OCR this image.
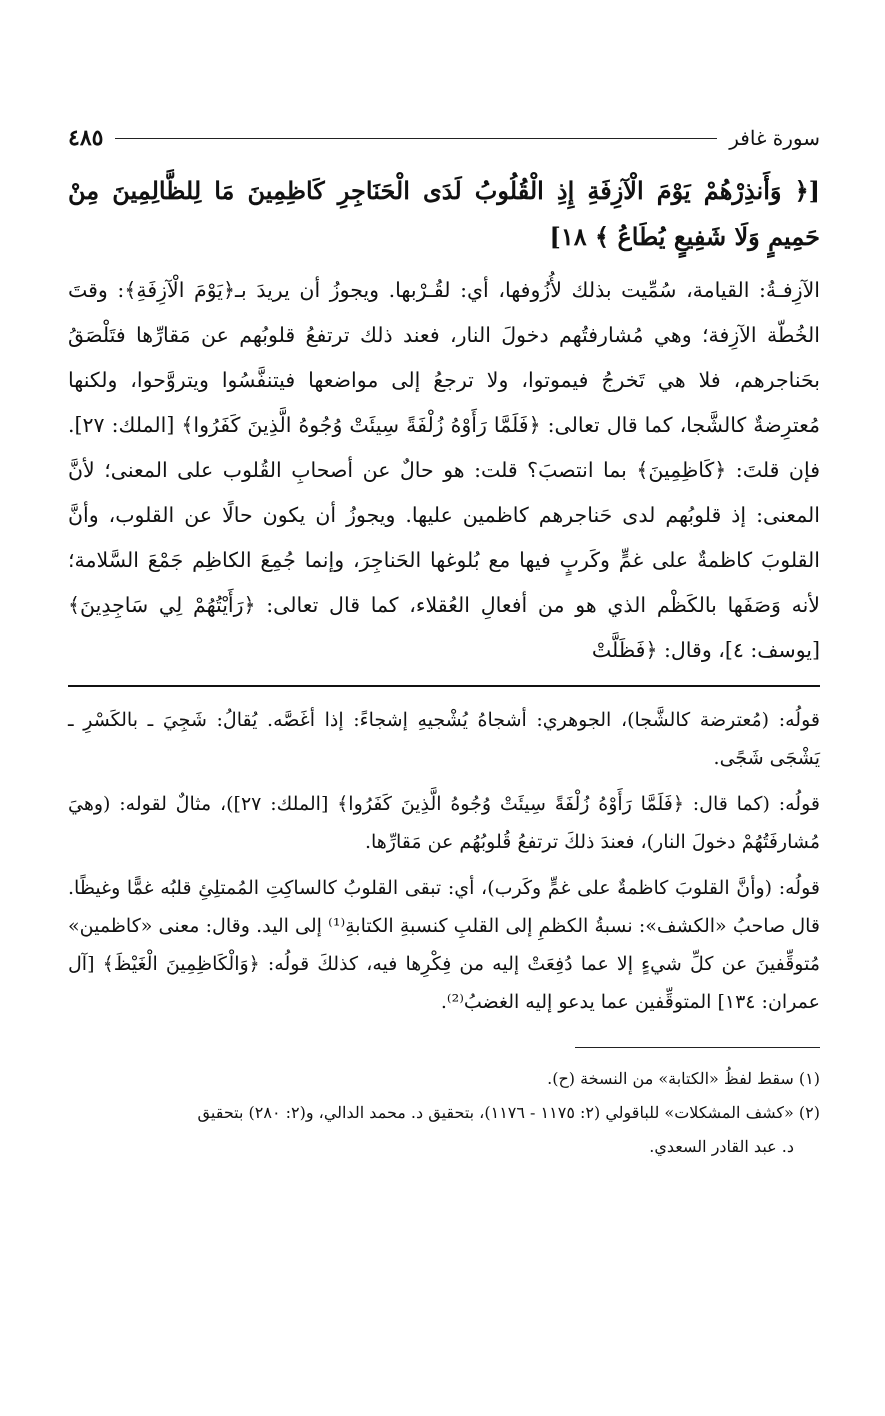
سورة غافر
٤٨٥
[﴿ وَأَنذِرْهُمْ يَوْمَ الْآزِفَةِ إِذِ الْقُلُوبُ لَدَى الْحَنَاجِرِ كَاظِمِينَ مَا لِلظَّالِمِينَ مِنْ حَمِيمٍ وَلَا شَفِيعٍ يُطَاعُ ﴾ ١٨]
الآزِفـةُ: القيامة، سُمِّيت بذلك لأُزُوفها، أي: لقُـرْبها. ويجوزُ أن يريدَ بـ﴿يَوْمَ الْآزِفَةِ﴾: وقتَ الخُطّة الآزِفة؛ وهي مُشارفتُهم دخولَ النار، فعند ذلك ترتفعُ قلوبُهم عن مَقارِّها فتَلْصَقُ بحَناجرهم، فلا هي تَخرجُ فيموتوا، ولا ترجعُ إلى مواضعها فيتنفَّسُوا ويتروَّحوا، ولكنها مُعترِضةٌ كالشَّجا، كما قال تعالى: ﴿فَلَمَّا رَأَوْهُ زُلْفَةً سِيئَتْ وُجُوهُ الَّذِينَ كَفَرُوا﴾ [الملك: ٢٧]. فإن قلتَ: ﴿كَاظِمِينَ﴾ بما انتصبَ؟ قلت: هو حالٌ عن أصحابِ القُلوب على المعنى؛ لأنَّ المعنى: إذ قلوبُهم لدى حَناجرهم كاظمين عليها. ويجوزُ أن يكون حالًا عن القلوب، وأنَّ القلوبَ كاظمةٌ على غمٍّ وكَربٍ فيها مع بُلوغها الحَناجِرَ، وإنما جُمِعَ الكاظِم جَمْعَ السَّلامة؛ لأنه وَصَفَها بالكَظْم الذي هو من أفعالِ العُقلاء، كما قال تعالى: ﴿رَأَيْتُهُمْ لِي سَاجِدِينَ﴾ [يوسف: ٤]، وقال: ﴿فَظَلَّتْ

قولُه: (مُعترضة كالشَّجا)، الجوهري: أشجاهُ يُشْجيهِ إشجاءً: إذا أغَصَّه. يُقالُ: شَجِيَ ـ بالكَسْرِ ـ يَشْجَى شَجًى.

قولُه: (كما قال: ﴿فَلَمَّا رَأَوْهُ زُلْفَةً سِيئَتْ وُجُوهُ الَّذِينَ كَفَرُوا﴾ [الملك: ٢٧])، مثالٌ لقوله: (وهيَ مُشارفَتُهُمْ دخولَ النار)، فعندَ ذلكَ ترتفعُ قُلوبُهُم عن مَقارِّها.

قولُه: (وأنَّ القلوبَ كاظمةٌ على غمٍّ وكَرب)، أي: تبقى القلوبُ كالساكِتِ المُمتلِئِ قلبُه غمًّا وغيظًا. قال صاحبُ «الكشف»: نسبةُ الكظمِ إلى القلبِ كنسبةِ الكتابةِ⁽¹⁾ إلى اليد. وقال: معنى «كاظمين» مُتوقِّفينَ عن كلِّ شيءٍ إلا عما دُفِعَتْ إليه من فِكْرِها فيه، كذلكَ قولُه: ﴿وَالْكَاظِمِينَ الْغَيْظَ﴾ [آل عمران: ١٣٤] المتوقِّفين عما يدعو إليه الغضبُ⁽²⁾.

(١) سقط لفظُ «الكتابة» من النسخة (ح).

(٢) «كشف المشكلات» للباقولي (٢: ١١٧٥ - ١١٧٦)، بتحقيق د. محمد الدالي، و(٢: ٢٨٠) بتحقيق

د. عبد القادر السعدي.
